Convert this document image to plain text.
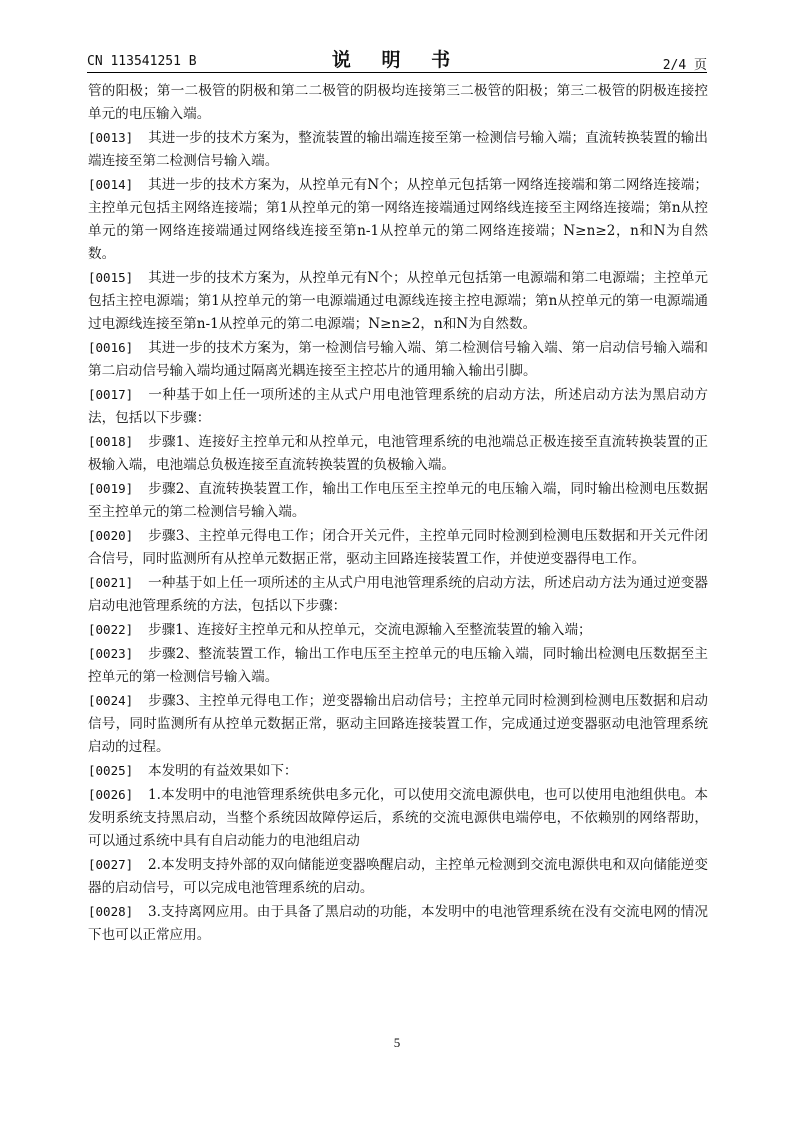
CN 113541251 B	说 明 书	2/4 页

管的阳极；第一二极管的阴极和第二二极管的阴极均连接第三二极管的阳极；第三二极管的阴极连接控单元的电压输入端。

[0013] 其进一步的技术方案为，整流装置的输出端连接至第一检测信号输入端；直流转换装置的输出端连接至第二检测信号输入端。

[0014] 其进一步的技术方案为，从控单元有N个；从控单元包括第一网络连接端和第二网络连接端；主控单元包括主网络连接端；第1从控单元的第一网络连接端通过网络线连接至主网络连接端；第n从控单元的第一网络连接端通过网络线连接至第n-1从控单元的第二网络连接端；N≥n≥2，n和N为自然数。

[0015] 其进一步的技术方案为，从控单元有N个；从控单元包括第一电源端和第二电源端；主控单元包括主控电源端；第1从控单元的第一电源端通过电源线连接主控电源端；第n从控单元的第一电源端通过电源线连接至第n-1从控单元的第二电源端；N≥n≥2，n和N为自然数。

[0016] 其进一步的技术方案为，第一检测信号输入端、第二检测信号输入端、第一启动信号输入端和第二启动信号输入端均通过隔离光耦连接至主控芯片的通用输入输出引脚。

[0017] 一种基于如上任一项所述的主从式户用电池管理系统的启动方法，所述启动方法为黑启动方法，包括以下步骤：

[0018] 步骤1、连接好主控单元和从控单元，电池管理系统的电池端总正极连接至直流转换装置的正极输入端，电池端总负极连接至直流转换装置的负极输入端。

[0019] 步骤2、直流转换装置工作，输出工作电压至主控单元的电压输入端，同时输出检测电压数据至主控单元的第二检测信号输入端。

[0020] 步骤3、主控单元得电工作；闭合开关元件，主控单元同时检测到检测电压数据和开关元件闭合信号，同时监测所有从控单元数据正常，驱动主回路连接装置工作，并使逆变器得电工作。

[0021] 一种基于如上任一项所述的主从式户用电池管理系统的启动方法，所述启动方法为通过逆变器启动电池管理系统的方法，包括以下步骤：

[0022] 步骤1、连接好主控单元和从控单元，交流电源输入至整流装置的输入端；

[0023] 步骤2、整流装置工作，输出工作电压至主控单元的电压输入端，同时输出检测电压数据至主控单元的第一检测信号输入端。

[0024] 步骤3、主控单元得电工作；逆变器输出启动信号；主控单元同时检测到检测电压数据和启动信号，同时监测所有从控单元数据正常，驱动主回路连接装置工作，完成通过逆变器驱动电池管理系统启动的过程。

[0025] 本发明的有益效果如下：

[0026] 1.本发明中的电池管理系统供电多元化，可以使用交流电源供电，也可以使用电池组供电。本发明系统支持黑启动，当整个系统因故障停运后，系统的交流电源供电端停电，不依赖别的网络帮助，可以通过系统中具有自启动能力的电池组启动

[0027] 2.本发明支持外部的双向储能逆变器唤醒启动，主控单元检测到交流电源供电和双向储能逆变器的启动信号，可以完成电池管理系统的启动。

[0028] 3.支持离网应用。由于具备了黑启动的功能，本发明中的电池管理系统在没有交流电网的情况下也可以正常应用。

5
